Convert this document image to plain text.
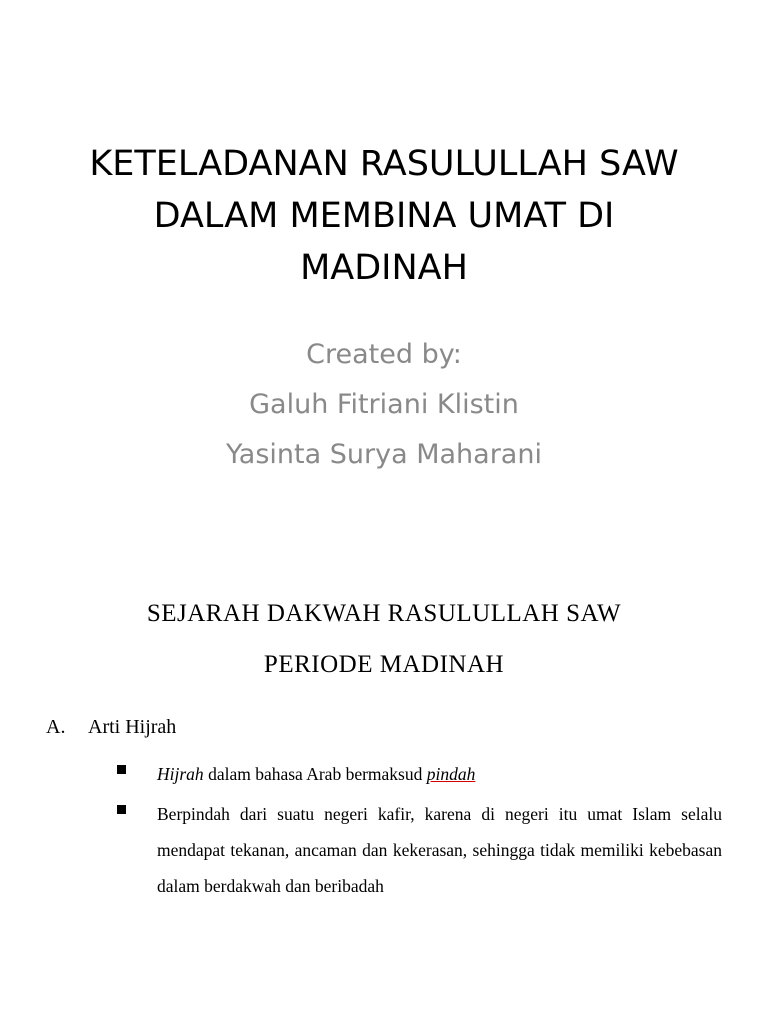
KETELADANAN RASULULLAH SAW
DALAM MEMBINA UMAT DI
MADINAH
Created by:
Galuh Fitriani Klistin
Yasinta Surya Maharani
SEJARAH DAKWAH RASULULLAH SAW
PERIODE MADINAH
A. Arti Hijrah
Hijrah dalam bahasa Arab bermaksud pindah
Berpindah dari suatu negeri kafir, karena di negeri itu umat Islam selalu mendapat tekanan, ancaman dan kekerasan, sehingga tidak memiliki kebebasan dalam berdakwah dan beribadah
